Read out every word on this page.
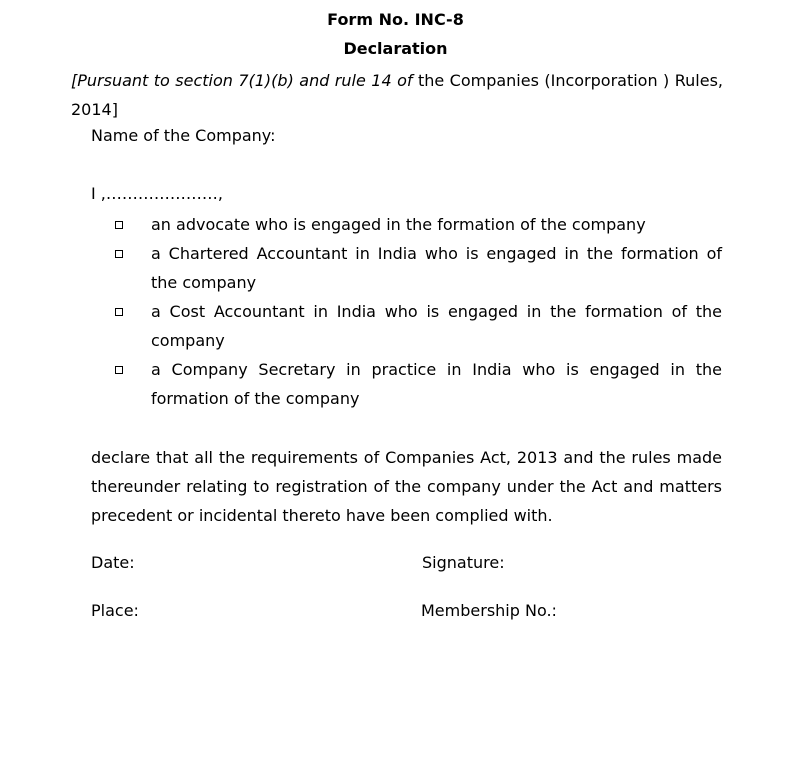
Form No. INC-8
Declaration
[Pursuant to section 7(1)(b) and rule 14 of the Companies (Incorporation ) Rules, 2014]
Name of the Company:
I ,…………………,
an advocate who is engaged in the formation of the company
a Chartered Accountant in India who is engaged in the formation of the company
a Cost Accountant in India who is engaged in the formation of the company
a Company Secretary in practice in India who is engaged in the formation of the company
declare that all the requirements of Companies Act, 2013 and the rules made thereunder relating to registration of the company under the Act and matters precedent or incidental thereto have been complied with.
Date:	Signature:
Place:	Membership No.:
